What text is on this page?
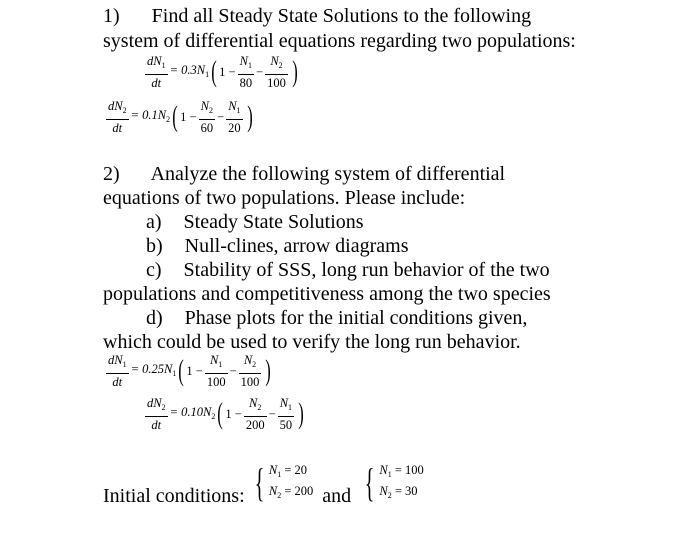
1) Find all Steady State Solutions to the following
system of differential equations regarding two populations:
$\frac{dN_1}{dt} = 0.3N_1$( $1 - \frac{N_1}{80} - \frac{N_2}{100}$ )
$\frac{dN_2}{dt} = 0.1N_2$( $1 - \frac{N_2}{60} - \frac{N_1}{20}$ )
2) Analyze the following system of differential
equations of two populations. Please include:
a) Steady State Solutions
b) Null-clines, arrow diagrams
c) Stability of SSS, long run behavior of the two
populations and competitiveness among the two species
d) Phase plots for the initial conditions given,
which could be used to verify the long run behavior.
$\frac{dN_1}{dt} = 0.25N_1$( $1 - \frac{N_1}{100} - \frac{N_2}{100}$ )
$\frac{dN_2}{dt} = 0.10N_2$( $1 - \frac{N_2}{200} - \frac{N_1}{50}$ )
Initial conditions: { $N_1 = 20$
$N_2 = 200$ and { $N_1 = 100$
$N_2 = 30$
